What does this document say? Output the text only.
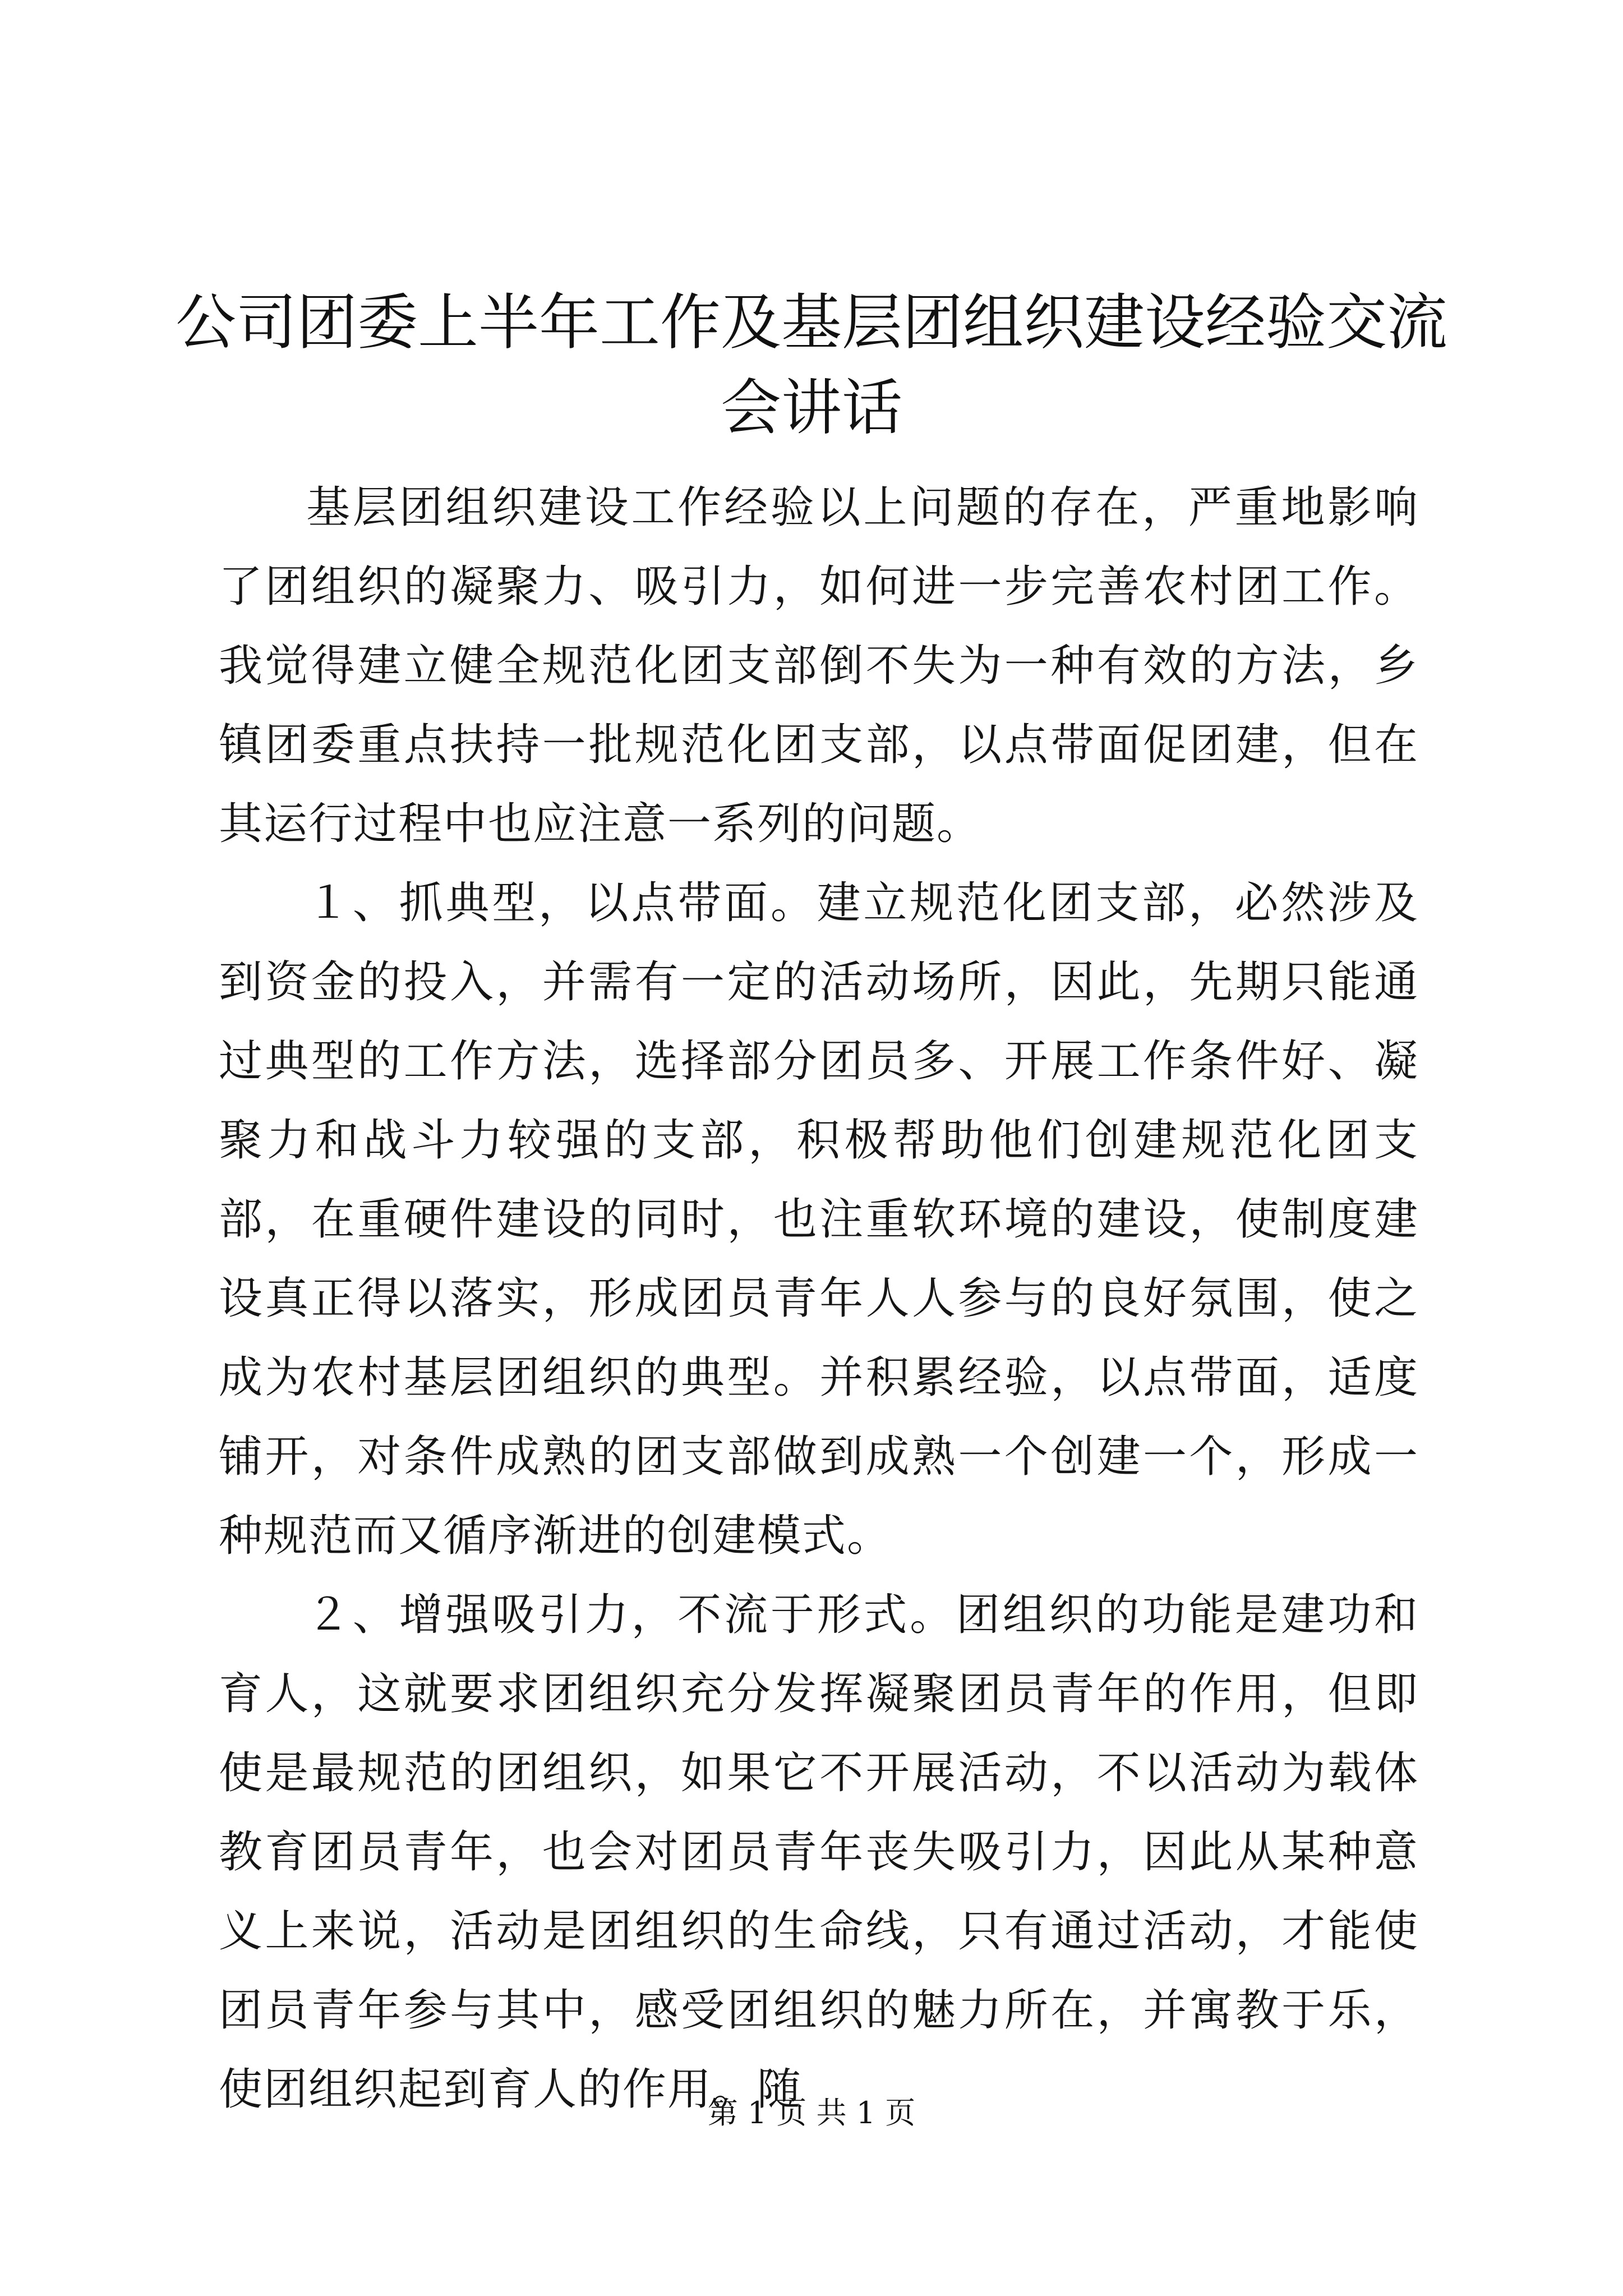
公司团委上半年工作及基层团组织建设经验交流会讲话

基层团组织建设工作经验以上问题的存在，严重地影响了团组织的凝聚力、吸引力，如何进一步完善农村团工作。我觉得建立健全规范化团支部倒不失为一种有效的方法，乡镇团委重点扶持一批规范化团支部，以点带面促团建，但在其运行过程中也应注意一系列的问题。

１、抓典型，以点带面。建立规范化团支部，必然涉及到资金的投入，并需有一定的活动场所，因此，先期只能通过典型的工作方法，选择部分团员多、开展工作条件好、凝聚力和战斗力较强的支部，积极帮助他们创建规范化团支部，在重硬件建设的同时，也注重软环境的建设，使制度建设真正得以落实，形成团员青年人人参与的良好氛围，使之成为农村基层团组织的典型。并积累经验，以点带面，适度铺开，对条件成熟的团支部做到成熟一个创建一个，形成一种规范而又循序渐进的创建模式。

２、增强吸引力，不流于形式。团组织的功能是建功和育人，这就要求团组织充分发挥凝聚团员青年的作用，但即使是最规范的团组织，如果它不开展活动，不以活动为载体教育团员青年，也会对团员青年丧失吸引力，因此从某种意义上来说，活动是团组织的生命线，只有通过活动，才能使团员青年参与其中，感受团组织的魅力所在，并寓教于乐，使团组织起到育人的作用。随

第 1 页 共 1 页
